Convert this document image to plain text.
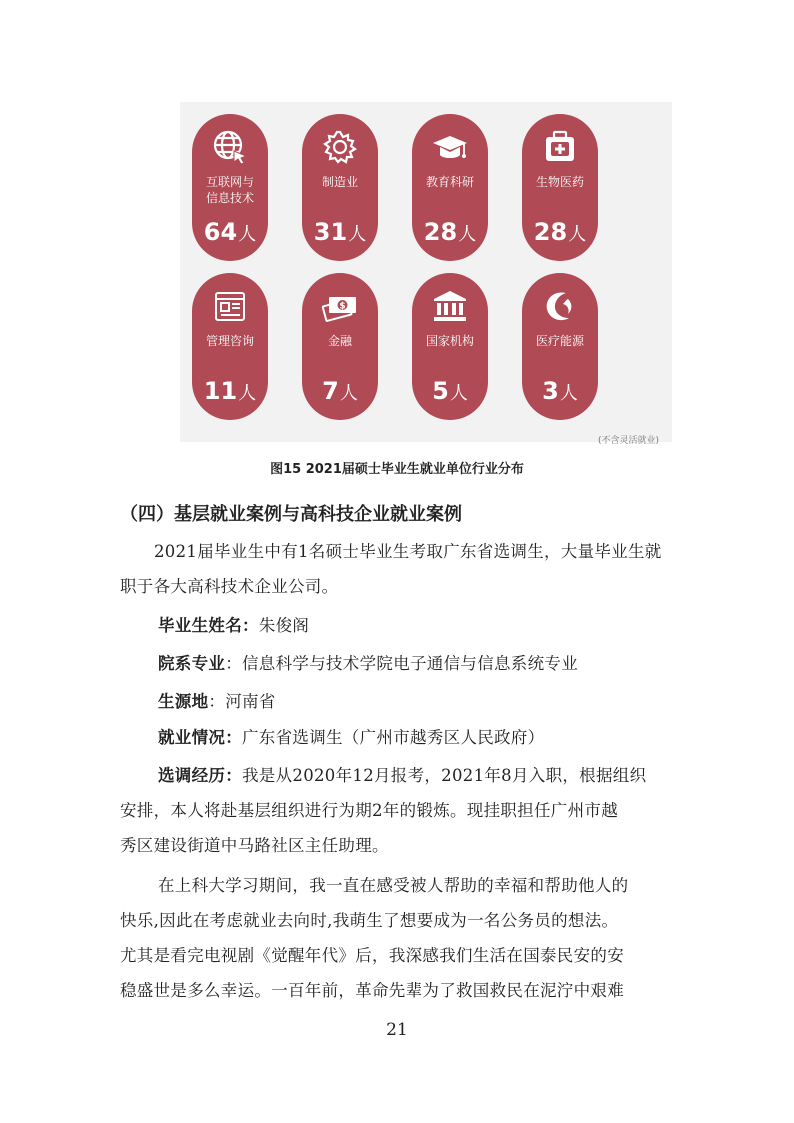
互联网与
信息技术
64人
制造业
31人
教育科研
28人
生物医药
28人
管理咨询
11人
$
金融
7人
国家机构
5人
医疗能源
3人
(不含灵活就业)
图15 2021届硕士毕业生就业单位行业分布
（四）基层就业案例与高科技企业就业案例
2021届毕业生中有1名硕士毕业生考取广东省选调生，大量毕业生就职于各大高科技术企业公司。
毕业生姓名：朱俊阁
院系专业：信息科学与技术学院电子通信与信息系统专业
生源地：河南省
就业情况：广东省选调生（广州市越秀区人民政府）
选调经历：我是从2020年12月报考，2021年8月入职，根据组织
安排，本人将赴基层组织进行为期2年的锻炼。现挂职担任广州市越
秀区建设街道中马路社区主任助理。
在上科大学习期间，我一直在感受被人帮助的幸福和帮助他人的
快乐,因此在考虑就业去向时,我萌生了想要成为一名公务员的想法。
尤其是看完电视剧《觉醒年代》后，我深感我们生活在国泰民安的安
稳盛世是多么幸运。一百年前，革命先辈为了救国救民在泥泞中艰难
21
